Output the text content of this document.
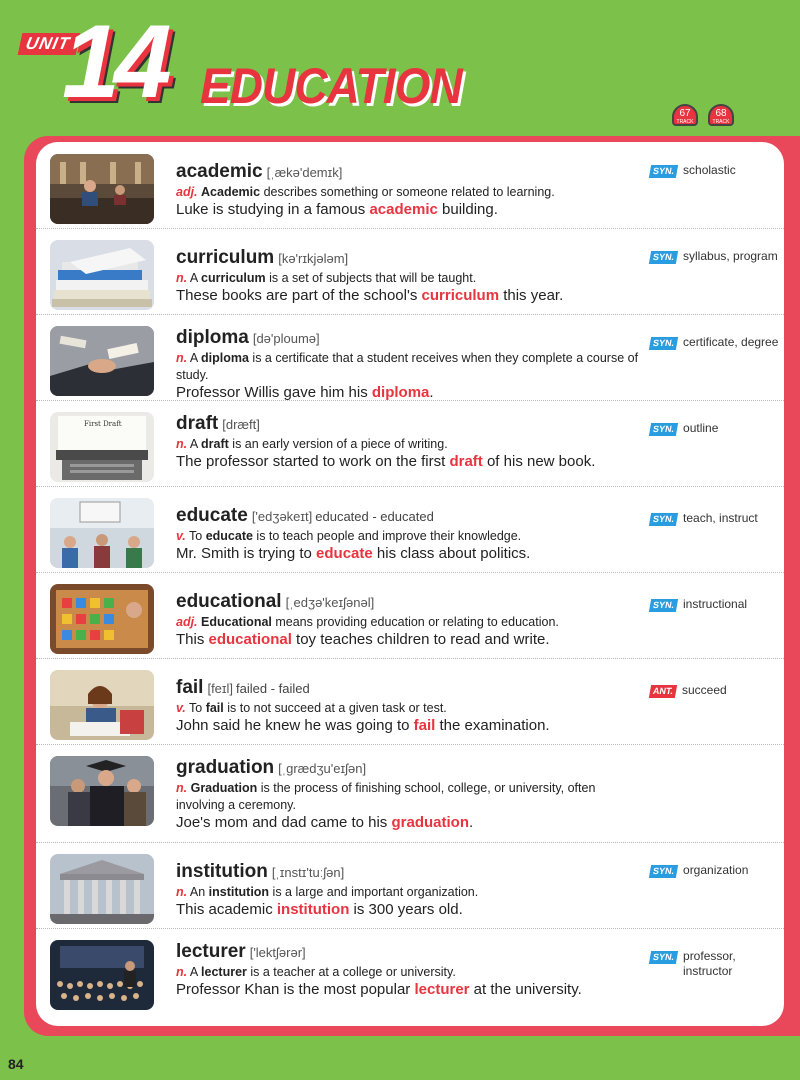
UNIT
14 EDUCATION	67
TRACK
68
TRACK
academic [ˌækə'demɪk]
adj. Academic describes something or someone related to learning.
Luke is studying in a famous academic building.
SYN. scholastic
curriculum [kə'rɪkjələm]
n. A curriculum is a set of subjects that will be taught.
These books are part of the school's curriculum this year.
SYN. syllabus, program
diploma [də'ploumə]
n. A diploma is a certificate that a student receives when they complete a course of study.
Professor Willis gave him his diploma.
SYN. certificate, degree
First Draft	draft [dræft]
n. A draft is an early version of a piece of writing.
The professor started to work on the first draft of his new book.
SYN. outline
educate ['edʒəkeɪt] educated - educated
v. To educate is to teach people and improve their knowledge.
Mr. Smith is trying to educate his class about politics.
SYN. teach, instruct
educational [ˌedʒə'keɪʃənəl]
adj. Educational means providing education or relating to education.
This educational toy teaches children to read and write.
SYN. instructional
fail [feɪl] failed - failed
v. To fail is to not succeed at a given task or test.
John said he knew he was going to fail the examination.
ANT. succeed
graduation [ˌgrædʒu'eɪʃən]
n. Graduation is the process of finishing school, college, or university, often involving a ceremony.
Joe's mom and dad came to his graduation.
institution [ˌɪnstɪ'tuːʃən]
n. An institution is a large and important organization.
This academic institution is 300 years old.
SYN. organization
lecturer ['lektʃərər]
n. A lecturer is a teacher at a college or university.
Professor Khan is the most popular lecturer at the university.
SYN. professor, instructor
84
